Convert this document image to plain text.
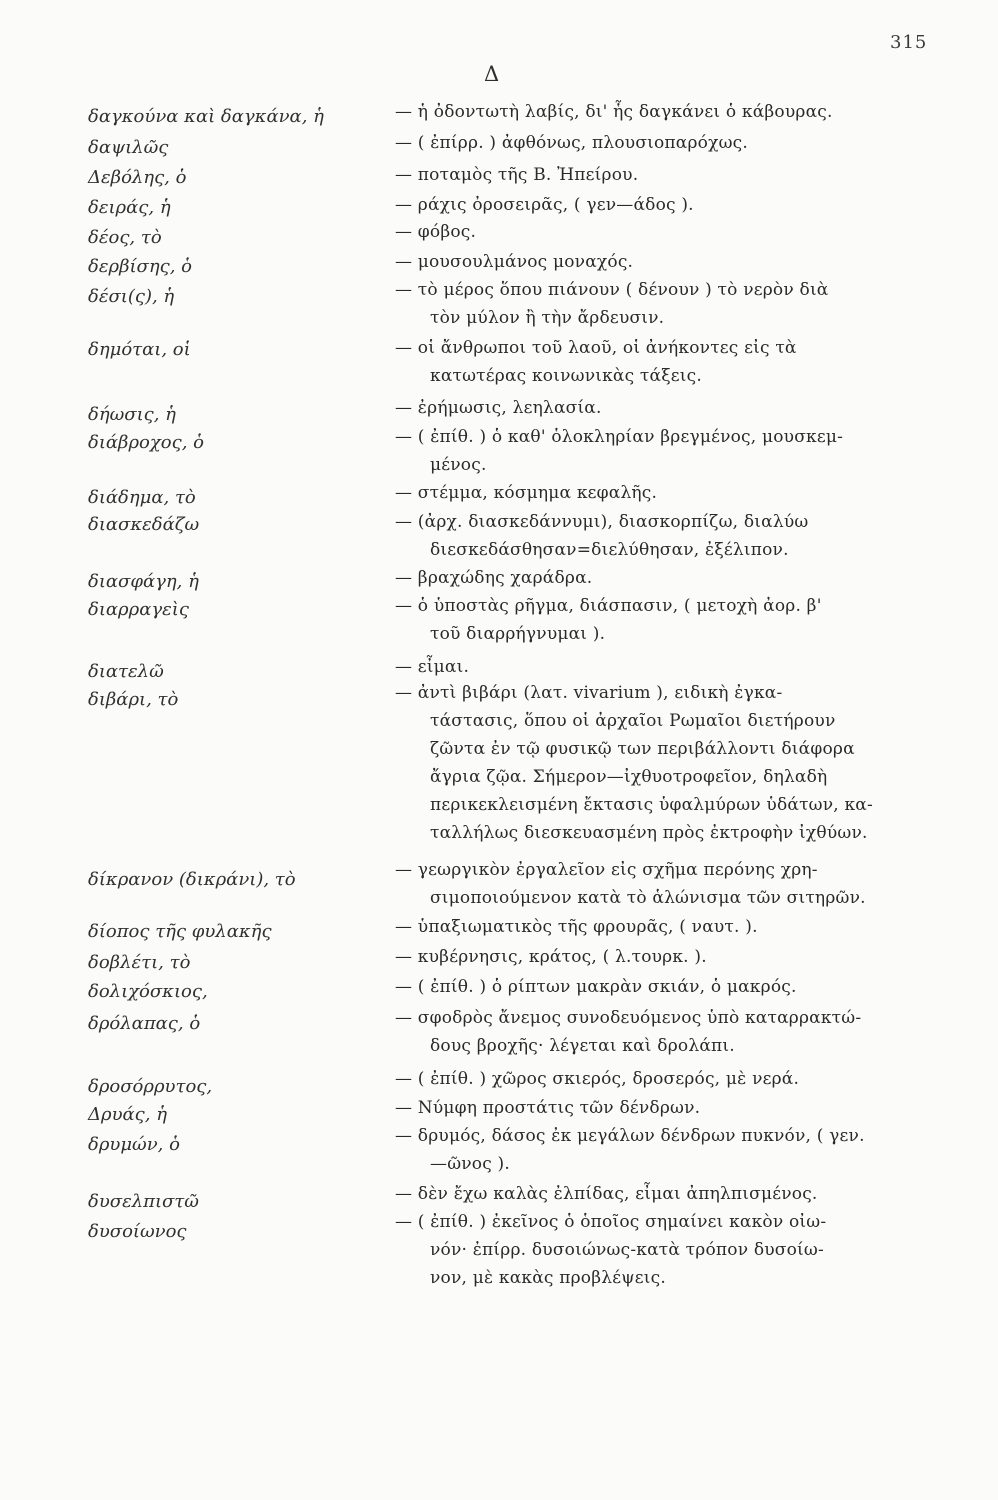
315
Δ
δαγκούνα καὶ δαγκάνα, ἡ	— ἡ ὀδοντωτὴ λαβίς, δι' ἧς δαγκάνει ὁ κάβουρας.
δαψιλῶς	— ( ἐπίρρ. ) ἀφθόνως, πλουσιοπαρόχως.
Δεβόλης, ὁ	— ποταμὸς τῆς Β. Ἠπείρου.
δειράς, ἡ	— ράχις ὀροσειρᾶς, ( γεν—άδος ).
δέος, τὸ	— φόβος.
δερβίσης, ὁ	— μουσουλμάνος μοναχός.
δέσι(ς), ἡ	— τὸ μέρος ὅπου πιάνουν ( δένουν ) τὸ νερὸν διὰ
τὸν μύλον ἢ τὴν ἄρδευσιν.
δημόται, οἱ	— οἱ ἄνθρωποι τοῦ λαοῦ, οἱ ἀνήκοντες εἰς τὰ
κατωτέρας κοινωνικὰς τάξεις.
δήωσις, ἡ	— ἐρήμωσις, λεηλασία.
διάβροχος, ὁ	— ( ἐπίθ. ) ὁ καθ' ὁλοκληρίαν βρεγμένος, μουσκεμ-
μένος.
διάδημα, τὸ	— στέμμα, κόσμημα κεφαλῆς.
διασκεδάζω	— (ἀρχ. διασκεδάννυμι), διασκορπίζω, διαλύω
διεσκεδάσθησαν=διελύθησαν, ἐξέλιπον.
διασφάγη, ἡ	— βραχώδης χαράδρα.
διαρραγεὶς	— ὁ ὑποστὰς ρῆγμα, διάσπασιν, ( μετοχὴ ἀορ. β'
τοῦ διαρρήγνυμαι ).
διατελῶ	— εἶμαι.
διβάρι, τὸ	— ἀντὶ βιβάρι (λατ. vivarium ), ειδικὴ ἐγκα-
τάστασις, ὅπου οἱ ἀρχαῖοι Ρωμαῖοι διετήρουν
ζῶντα ἐν τῷ φυσικῷ των περιβάλλοντι διάφορα
ἄγρια ζῷα. Σήμερον—ἰχθυοτροφεῖον, δηλαδὴ
περικεκλεισμένη ἔκτασις ὑφαλμύρων ὑδάτων, κα-
ταλλήλως διεσκευασμένη πρὸς ἐκτροφὴν ἰχθύων.
δίκρανον (δικράνι), τὸ	— γεωργικὸν ἐργαλεῖον εἰς σχῆμα περόνης χρη-
σιμοποιούμενον κατὰ τὸ ἁλώνισμα τῶν σιτηρῶν.
δίοπος τῆς φυλακῆς	— ὑπαξιωματικὸς τῆς φρουρᾶς, ( ναυτ. ).
δοβλέτι, τὸ	— κυβέρνησις, κράτος, ( λ.τουρκ. ).
δολιχόσκιος,	— ( ἐπίθ. ) ὁ ρίπτων μακρὰν σκιάν, ὁ μακρός.
δρόλαπας, ὁ	— σφοδρὸς ἄνεμος συνοδευόμενος ὑπὸ καταρρακτώ-
δους βροχῆς· λέγεται καὶ δρολάπι.
δροσόρρυτος,	— ( ἐπίθ. ) χῶρος σκιερός, δροσερός, μὲ νερά.
Δρυάς, ἡ	— Νύμφη προστάτις τῶν δένδρων.
δρυμών, ὁ	— δρυμός, δάσος ἐκ μεγάλων δένδρων πυκνόν, ( γεν.
—ῶνος ).
δυσελπιστῶ	— δὲν ἔχω καλὰς ἐλπίδας, εἶμαι ἀπηλπισμένος.
δυσοίωνος	— ( ἐπίθ. ) ἐκεῖνος ὁ ὁποῖος σημαίνει κακὸν οἰω-
νόν· ἐπίρρ. δυσοιώνως-κατὰ τρόπον δυσοίω-
νον, μὲ κακὰς προβλέψεις.
